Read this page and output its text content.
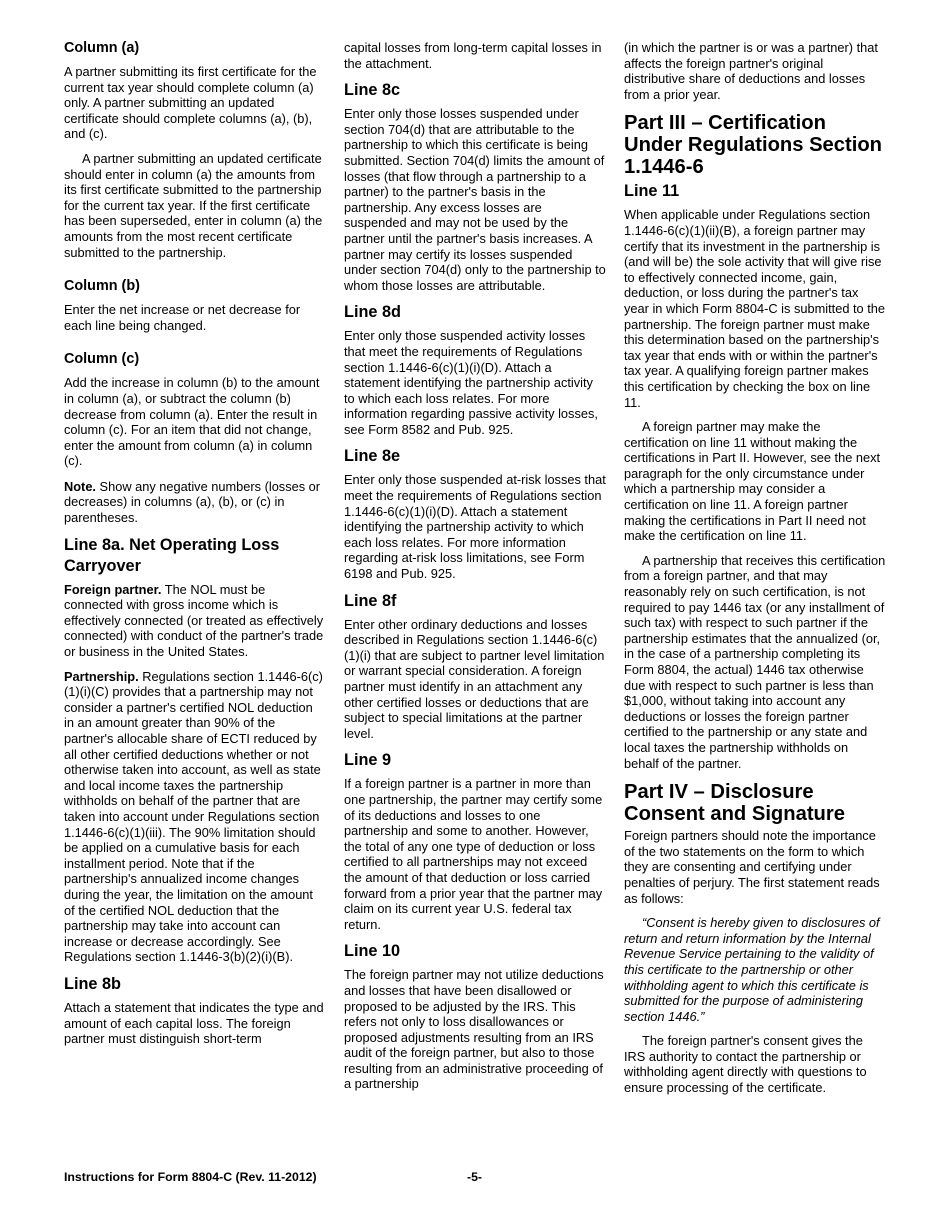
Column (a)

A partner submitting its first certificate for the current tax year should complete column (a) only. A partner submitting an updated certificate should complete columns (a), (b), and (c).

A partner submitting an updated certificate should enter in column (a) the amounts from its first certificate submitted to the partnership for the current tax year. If the first certificate has been superseded, enter in column (a) the amounts from the most recent certificate submitted to the partnership.

Column (b)

Enter the net increase or net decrease for each line being changed.

Column (c)

Add the increase in column (b) to the amount in column (a), or subtract the column (b) decrease from column (a). Enter the result in column (c). For an item that did not change, enter the amount from column (a) in column (c).

Note. Show any negative numbers (losses or decreases) in columns (a), (b), or (c) in parentheses.

Line 8a. Net Operating Loss Carryover

Foreign partner. The NOL must be connected with gross income which is effectively connected (or treated as effectively connected) with conduct of the partner's trade or business in the United States.

Partnership. Regulations section 1.1446-6(c)(1)(i)(C) provides that a partnership may not consider a partner's certified NOL deduction in an amount greater than 90% of the partner's allocable share of ECTI reduced by all other certified deductions whether or not otherwise taken into account, as well as state and local income taxes the partnership withholds on behalf of the partner that are taken into account under Regulations section 1.1446-6(c)(1)(iii). The 90% limitation should be applied on a cumulative basis for each installment period. Note that if the partnership's annualized income changes during the year, the limitation on the amount of the certified NOL deduction that the partnership may take into account can increase or decrease accordingly. See Regulations section 1.1446-3(b)(2)(i)(B).

Line 8b

Attach a statement that indicates the type and amount of each capital loss. The foreign partner must distinguish short-term

capital losses from long-term capital losses in the attachment.

Line 8c

Enter only those losses suspended under section 704(d) that are attributable to the partnership to which this certificate is being submitted. Section 704(d) limits the amount of losses (that flow through a partnership to a partner) to the partner's basis in the partnership. Any excess losses are suspended and may not be used by the partner until the partner's basis increases. A partner may certify its losses suspended under section 704(d) only to the partnership to whom those losses are attributable.

Line 8d

Enter only those suspended activity losses that meet the requirements of Regulations section 1.1446-6(c)(1)(i)(D). Attach a statement identifying the partnership activity to which each loss relates. For more information regarding passive activity losses, see Form 8582 and Pub. 925.

Line 8e

Enter only those suspended at-risk losses that meet the requirements of Regulations section 1.1446-6(c)(1)(i)(D). Attach a statement identifying the partnership activity to which each loss relates. For more information regarding at-risk loss limitations, see Form 6198 and Pub. 925.

Line 8f

Enter other ordinary deductions and losses described in Regulations section 1.1446-6(c)(1)(i) that are subject to partner level limitation or warrant special consideration. A foreign partner must identify in an attachment any other certified losses or deductions that are subject to special limitations at the partner level.

Line 9

If a foreign partner is a partner in more than one partnership, the partner may certify some of its deductions and losses to one partnership and some to another. However, the total of any one type of deduction or loss certified to all partnerships may not exceed the amount of that deduction or loss carried forward from a prior year that the partner may claim on its current year U.S. federal tax return.

Line 10

The foreign partner may not utilize deductions and losses that have been disallowed or proposed to be adjusted by the IRS. This refers not only to loss disallowances or proposed adjustments resulting from an IRS audit of the foreign partner, but also to those resulting from an administrative proceeding of a partnership

(in which the partner is or was a partner) that affects the foreign partner's original distributive share of deductions and losses from a prior year.

Part III – Certification Under Regulations Section 1.1446-6
Line 11

When applicable under Regulations section 1.1446-6(c)(1)(ii)(B), a foreign partner may certify that its investment in the partnership is (and will be) the sole activity that will give rise to effectively connected income, gain, deduction, or loss during the partner's tax year in which Form 8804-C is submitted to the partnership. The foreign partner must make this determination based on the partnership's tax year that ends with or within the partner's tax year. A qualifying foreign partner makes this certification by checking the box on line 11.

A foreign partner may make the certification on line 11 without making the certifications in Part II. However, see the next paragraph for the only circumstance under which a partnership may consider a certification on line 11. A foreign partner making the certifications in Part II need not make the certification on line 11.

A partnership that receives this certification from a foreign partner, and that may reasonably rely on such certification, is not required to pay 1446 tax (or any installment of such tax) with respect to such partner if the partnership estimates that the annualized (or, in the case of a partnership completing its Form 8804, the actual) 1446 tax otherwise due with respect to such partner is less than $1,000, without taking into account any deductions or losses the foreign partner certified to the partnership or any state and local taxes the partnership withholds on behalf of the partner.

Part IV – Disclosure Consent and Signature

Foreign partners should note the importance of the two statements on the form to which they are consenting and certifying under penalties of perjury. The first statement reads as follows:

“Consent is hereby given to disclosures of return and return information by the Internal Revenue Service pertaining to the validity of this certificate to the partnership or other withholding agent to which this certificate is submitted for the purpose of administering section 1446.”

The foreign partner's consent gives the IRS authority to contact the partnership or withholding agent directly with questions to ensure processing of the certificate.

Instructions for Form 8804-C (Rev. 11-2012)	-5-
